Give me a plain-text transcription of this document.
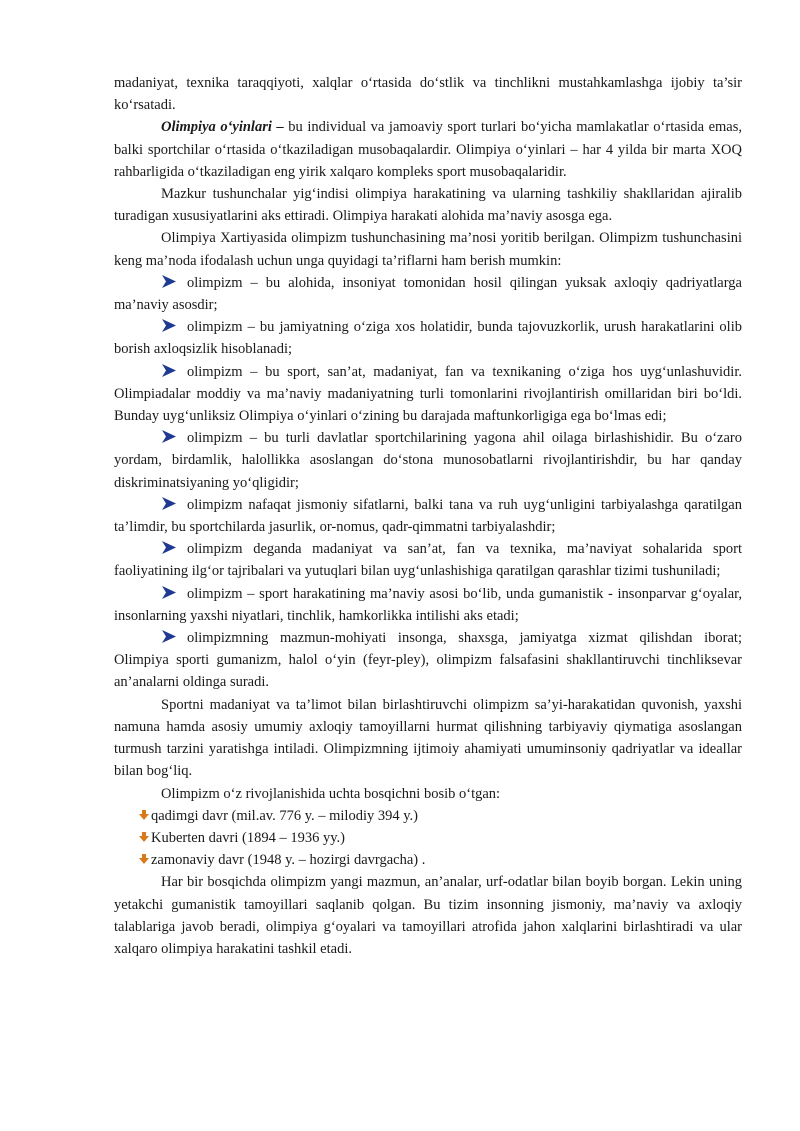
madaniyat, texnika taraqqiyoti, xalqlar o‘rtasida do‘stlik va tinchlikni mustahkamlashga ijobiy ta’sir ko‘rsatadi.

Olimpiya o‘yinlari – bu individual va jamoaviy sport turlari bo‘yicha mamlakatlar o‘rtasida emas, balki sportchilar o‘rtasida o‘tkaziladigan musobaqalardir. Olimpiya o‘yinlari – har 4 yilda bir marta XOQ rahbarligida o‘tkaziladigan eng yirik xalqaro kompleks sport musobaqalaridir.

Mazkur tushunchalar yig‘indisi olimpiya harakatining va ularning tashkiliy shakllaridan ajiralib turadigan xususiyatlarini aks ettiradi. Olimpiya harakati alohida ma’naviy asosga ega.

Olimpiya Xartiyasida olimpizm tushunchasining ma’nosi yoritib berilgan. Olimpizm tushunchasini keng ma’noda ifodalash uchun unga quyidagi ta’riflarni ham berish mumkin:

olimpizm – bu alohida, insoniyat tomonidan hosil qilingan yuksak axloqiy qadriyatlarga ma’naviy asosdir;

olimpizm – bu jamiyatning o‘ziga xos holatidir, bunda tajovuzkorlik, urush harakatlarini olib borish axloqsizlik hisoblanadi;

olimpizm – bu sport, san’at, madaniyat, fan va texnikaning o‘ziga hos uyg‘unlashuvidir. Olimpiadalar moddiy va ma’naviy madaniyatning turli tomonlarini rivojlantirish omillaridan biri bo‘ldi. Bunday uyg‘unliksiz Olimpiya o‘yinlari o‘zining bu darajada maftunkorligiga ega bo‘lmas edi;

olimpizm – bu turli davlatlar sportchilarining yagona ahil oilaga birlashishidir. Bu o‘zaro yordam, birdamlik, halollikka asoslangan do‘stona munosobatlarni rivojlantirishdir, bu har qanday diskriminatsiyaning yo‘qligidir;

olimpizm nafaqat jismoniy sifatlarni, balki tana va ruh uyg‘unligini tarbiyalashga qaratilgan ta’limdir, bu sportchilarda jasurlik, or-nomus, qadr-qimmatni tarbiyalashdir;

olimpizm deganda madaniyat va san’at, fan va texnika, ma’naviyat sohalarida sport faoliyatining ilg‘or tajribalari va yutuqlari bilan uyg‘unlashishiga qaratilgan qarashlar tizimi tushuniladi;

olimpizm – sport harakatining ma’naviy asosi bo‘lib, unda gumanistik - insonparvar g‘oyalar, insonlarning yaxshi niyatlari, tinchlik, hamkorlikka intilishi aks etadi;

olimpizmning mazmun-mohiyati insonga, shaxsga, jamiyatga xizmat qilishdan iborat; Olimpiya sporti gumanizm, halol o‘yin (feyr-pley), olimpizm falsafasini shakllantiruvchi tinchliksevar an’analarni oldinga suradi.

Sportni madaniyat va ta’limot bilan birlashtiruvchi olimpizm sa’yi-harakatidan quvonish, yaxshi namuna hamda asosiy umumiy axloqiy tamoyillarni hurmat qilishning tarbiyaviy qiymatiga asoslangan turmush tarzini yaratishga intiladi. Olimpizmning ijtimoiy ahamiyati umuminsoniy qadriyatlar va ideallar bilan bog‘liq.

Olimpizm o‘z rivojlanishida uchta bosqichni bosib o‘tgan:

qadimgi davr (mil.av. 776 y. – milodiy 394 y.)

Kuberten davri (1894 – 1936 yy.)

zamonaviy davr (1948 y. – hozirgi davrgacha) .

Har bir bosqichda olimpizm yangi mazmun, an’analar, urf-odatlar bilan boyib borgan. Lekin uning yetakchi gumanistik tamoyillari saqlanib qolgan. Bu tizim insonning jismoniy, ma’naviy va axloqiy talablariga javob beradi, olimpiya g‘oyalari va tamoyillari atrofida jahon xalqlarini birlashtiradi va ular xalqaro olimpiya harakatini tashkil etadi.
